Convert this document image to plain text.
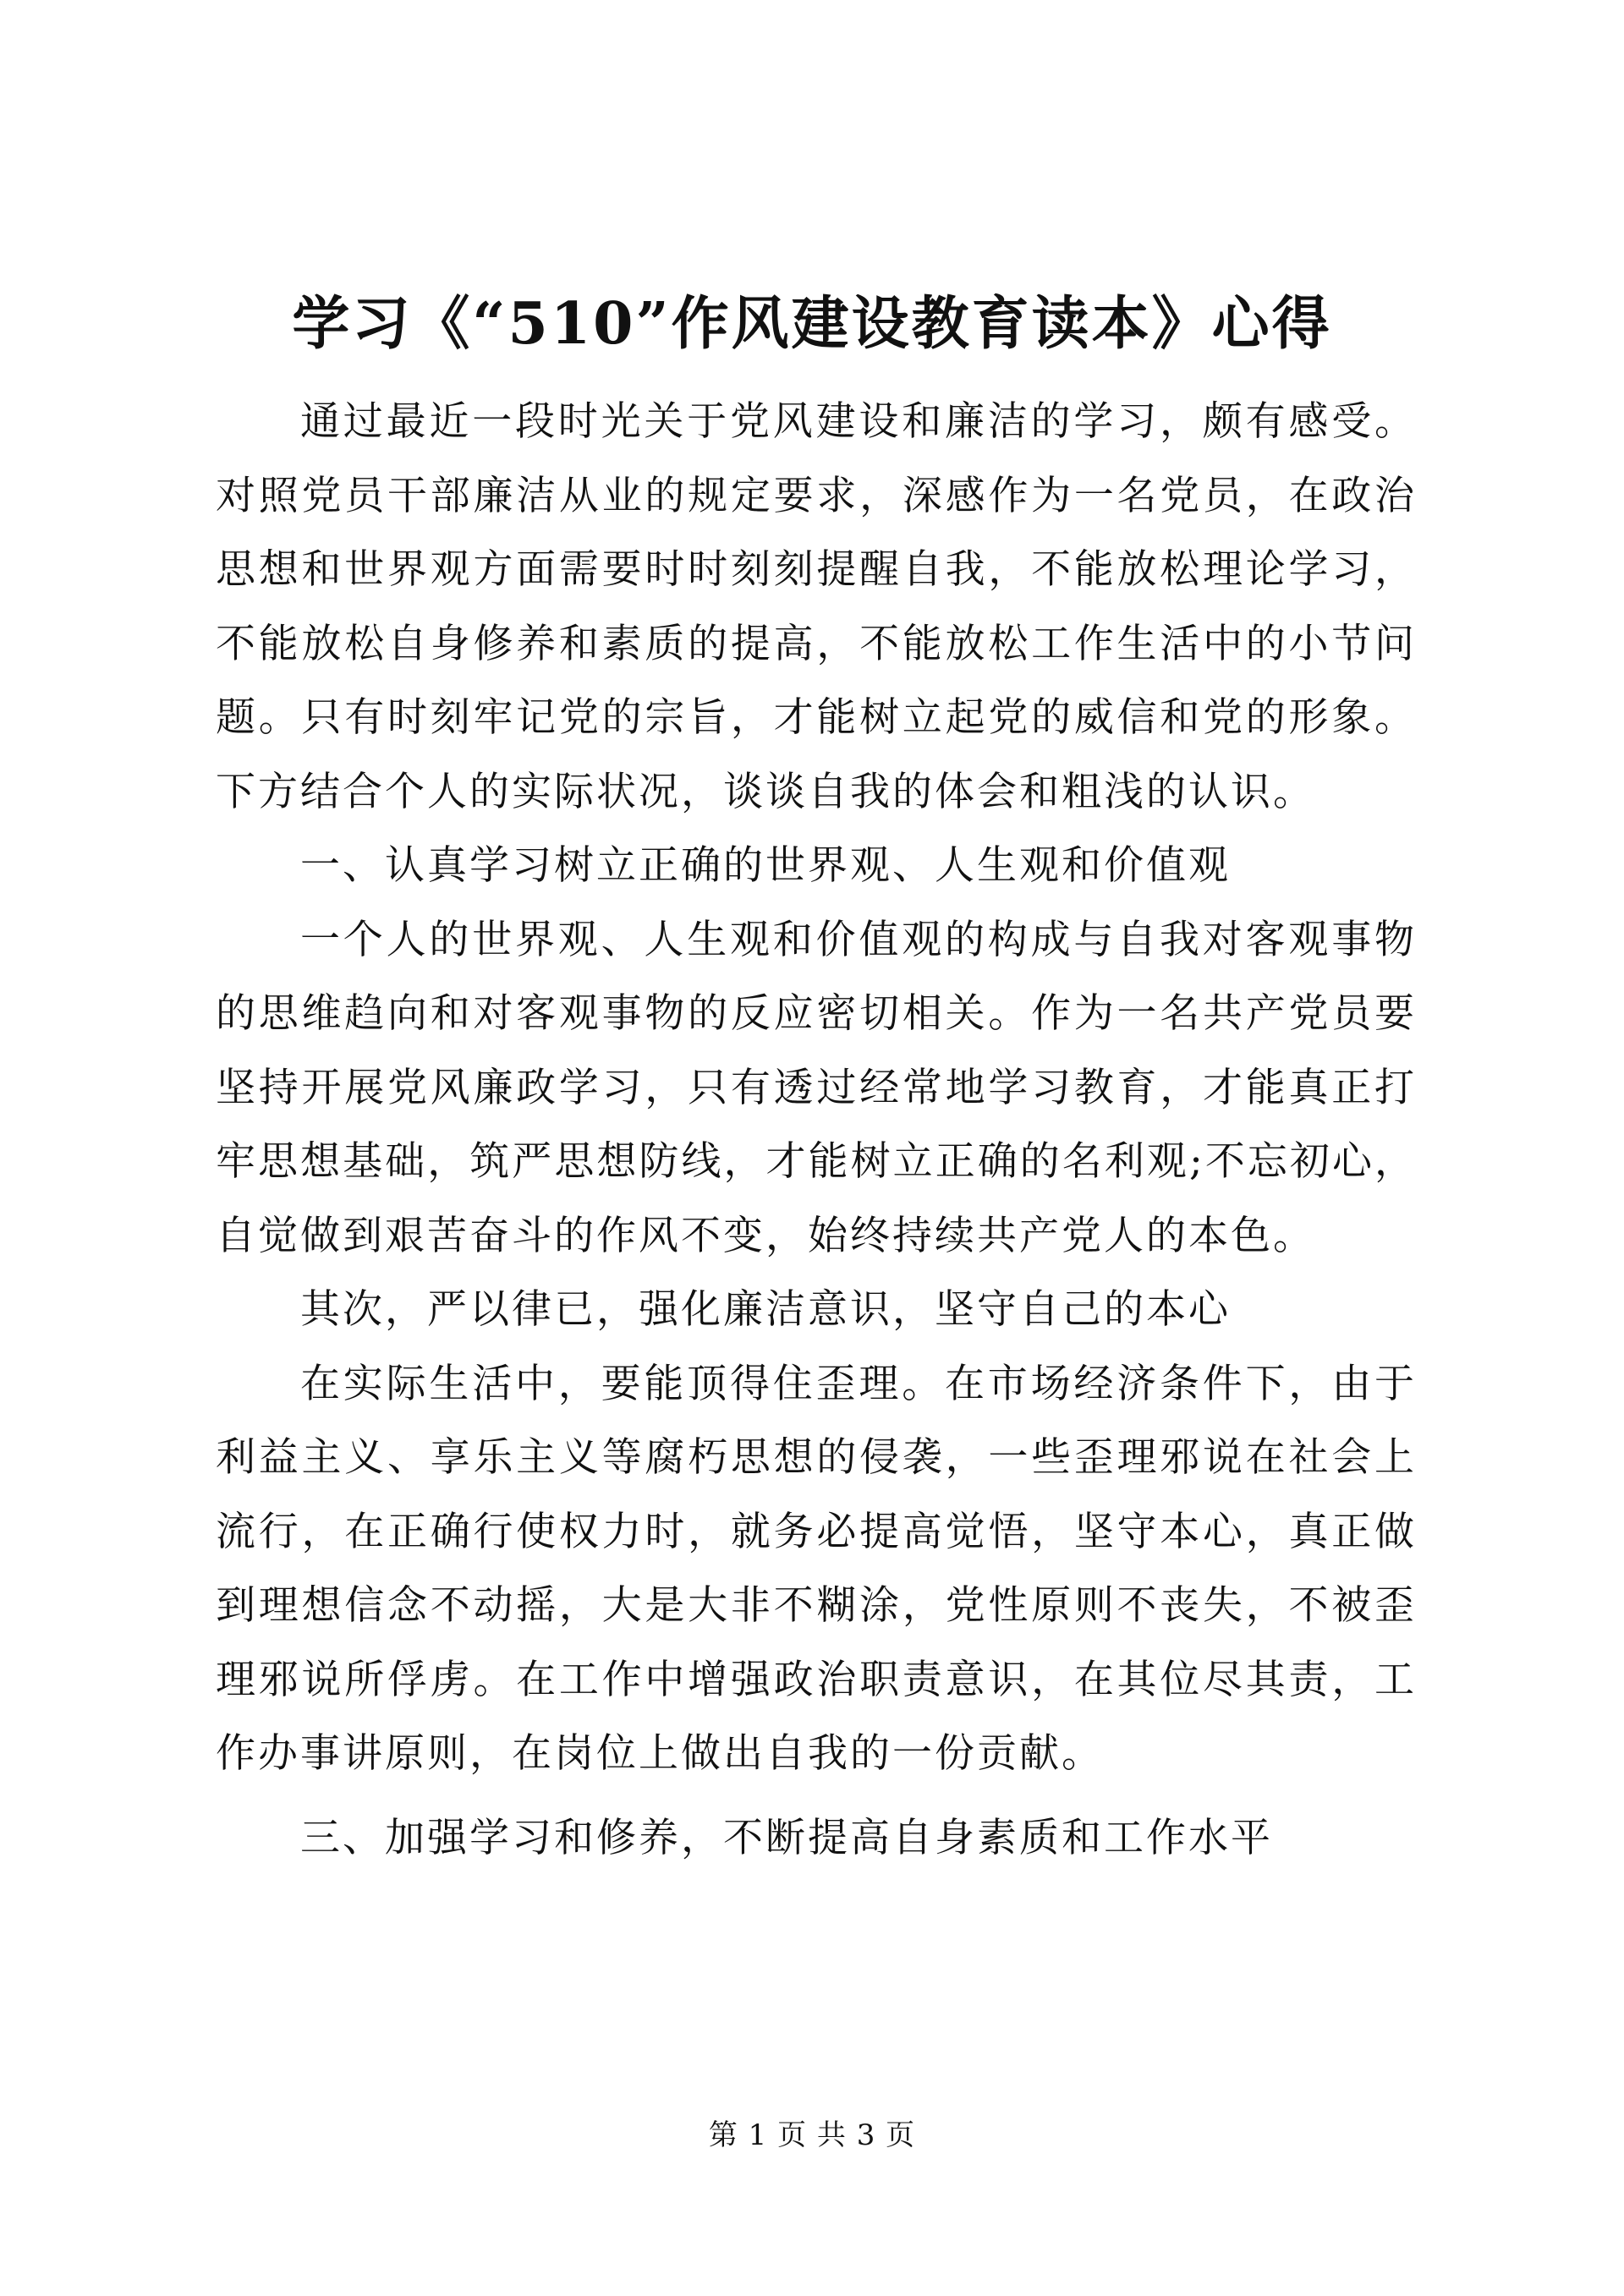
学习《“510”作风建设教育读本》心得

通过最近一段时光关于党风建设和廉洁的学习，颇有感受。对照党员干部廉洁从业的规定要求，深感作为一名党员，在政治思想和世界观方面需要时时刻刻提醒自我，不能放松理论学习，不能放松自身修养和素质的提高，不能放松工作生活中的小节问题。只有时刻牢记党的宗旨，才能树立起党的威信和党的形象。下方结合个人的实际状况，谈谈自我的体会和粗浅的认识。

一、认真学习树立正确的世界观、人生观和价值观

一个人的世界观、人生观和价值观的构成与自我对客观事物的思维趋向和对客观事物的反应密切相关。作为一名共产党员要坚持开展党风廉政学习，只有透过经常地学习教育，才能真正打牢思想基础，筑严思想防线，才能树立正确的名利观;不忘初心，自觉做到艰苦奋斗的作风不变，始终持续共产党人的本色。

其次，严以律已，强化廉洁意识，坚守自己的本心

在实际生活中，要能顶得住歪理。在市场经济条件下，由于利益主义、享乐主义等腐朽思想的侵袭，一些歪理邪说在社会上流行，在正确行使权力时，就务必提高觉悟，坚守本心，真正做到理想信念不动摇，大是大非不糊涂，党性原则不丧失，不被歪理邪说所俘虏。在工作中增强政治职责意识，在其位尽其责，工作办事讲原则，在岗位上做出自我的一份贡献。

三、加强学习和修养，不断提高自身素质和工作水平

第 1 页 共 3 页
